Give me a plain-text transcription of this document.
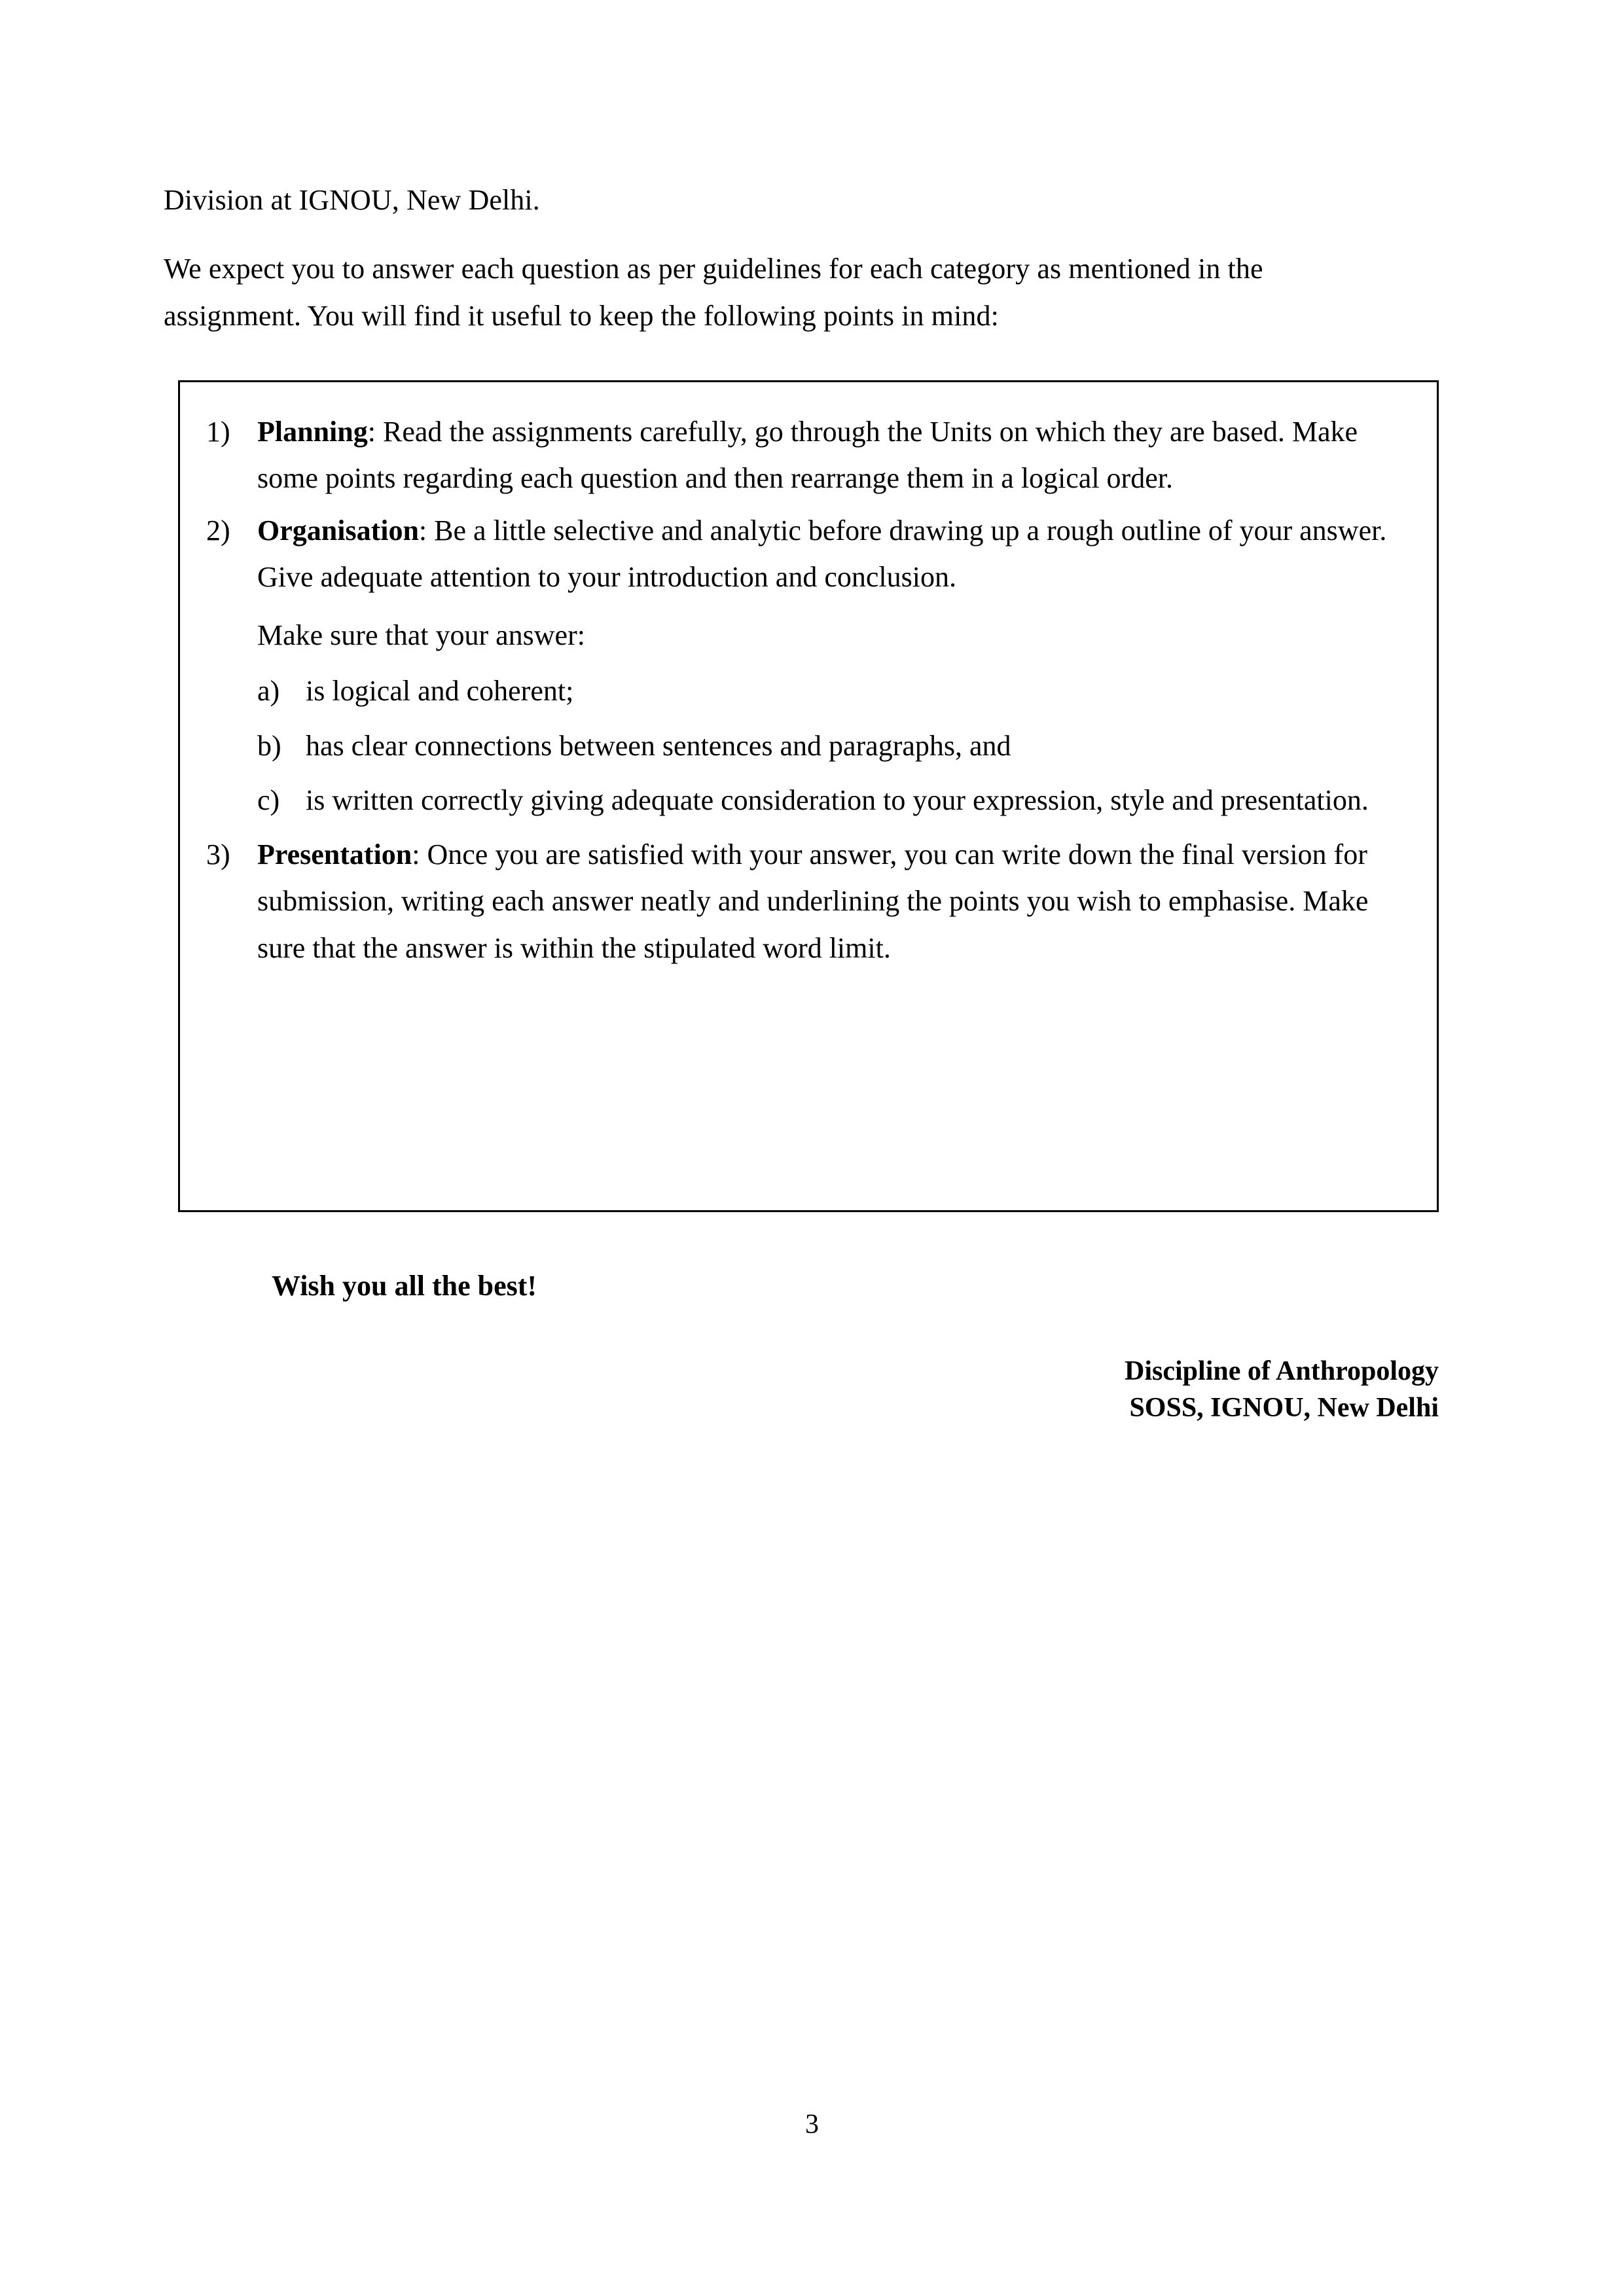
Division at IGNOU, New Delhi.

We expect you to answer each question as per guidelines for each category as mentioned in the assignment. You will find it useful to keep the following points in mind:

1) Planning: Read the assignments carefully, go through the Units on which they are based. Make some points regarding each question and then rearrange them in a logical order.
2) Organisation: Be a little selective and analytic before drawing up a rough outline of your answer. Give adequate attention to your introduction and conclusion.
Make sure that your answer:
a) is logical and coherent;
b) has clear connections between sentences and paragraphs, and
c) is written correctly giving adequate consideration to your expression, style and presentation.
3) Presentation: Once you are satisfied with your answer, you can write down the final version for submission, writing each answer neatly and underlining the points you wish to emphasise. Make sure that the answer is within the stipulated word limit.
Wish you all the best!
Discipline of Anthropology
SOSS, IGNOU, New Delhi
3
